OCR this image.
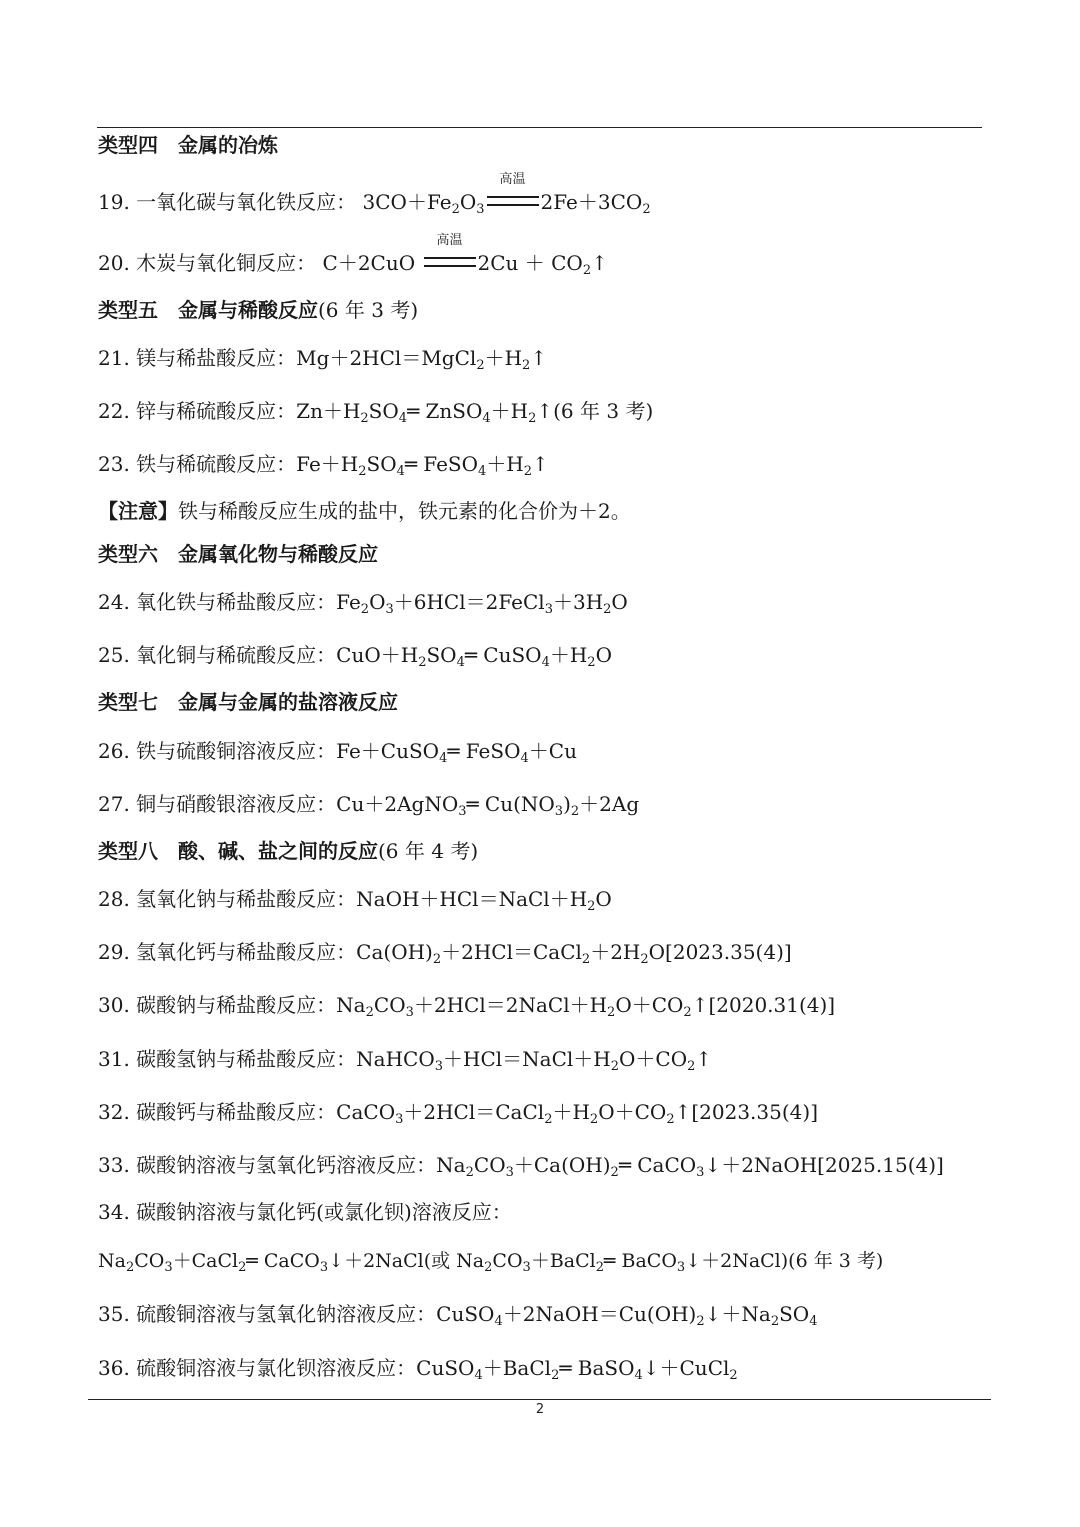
类型四　金属的冶炼
19. 一氧化碳与氧化铁反应： $3CO+Fe_2O_3$
高温
$2Fe+3CO_2$
20. 木炭与氧化铜反应： C＋2CuO
高温
$2Cu + CO_2↑$
类型五　金属与稀酸反应(6 年 3 考)
21. 镁与稀盐酸反应：$Mg+2HCl=MgCl_2+H_2↑$
22. 锌与稀硫酸反应：$Zn+H_2SO_4═$ $ZnSO_4+H_2↑(6$ 年 3 考)
23. 铁与稀硫酸反应：$Fe+H_2SO_4═$ $FeSO_4+H_2↑$
【注意】铁与稀酸反应生成的盐中，铁元素的化合价为＋2。
类型六　金属氧化物与稀酸反应
24. 氧化铁与稀盐酸反应：$Fe_2O_3+6HCl=2FeCl_3+3H_2O$
25. 氧化铜与稀硫酸反应：$CuO+H_2SO_4═$ $CuSO_4+H_2O$
类型七　金属与金属的盐溶液反应
26. 铁与硫酸铜溶液反应：Fe＋CuSO$_4$═ FeSO$_4$＋Cu
27. 铜与硝酸银溶液反应：Cu＋2AgNO$_3$═ $Cu(NO_3)_2+2Ag$
类型八　酸、碱、盐之间的反应(6 年 4 考)
28. 氢氧化钠与稀盐酸反应：$NaOH+HCl=NaCl+H_2O$
29. 氢氧化钙与稀盐酸反应：$Ca(OH)_2+2HCl=CaCl_2+2H_2O[2023.35(4)]$
30. 碳酸钠与稀盐酸反应：$Na_2CO_3+2HCl=2NaCl+H_2O+CO_2↑[2020.31(4)]$
31. 碳酸氢钠与稀盐酸反应：$NaHCO_3+HCl=NaCl+H_2O+CO_2↑$
32. 碳酸钙与稀盐酸反应：$CaCO_3+2HCl=CaCl_2+H_2O+CO_2↑[2023.35(4)]$
33. 碳酸钠溶液与氢氧化钙溶液反应：$Na_2CO_3+Ca(OH)_2═$ CaCO$_3$↓＋2NaOH[2025.15(4)]
34. 碳酸钠溶液与氯化钙(或氯化钡)溶液反应：
$Na_2CO_3+CaCl_2═$ CaCO$_3$↓＋2NaCl(或 $Na_2CO_3+BaCl_2═$ BaCO$_3$↓＋2NaCl)(6 年 3 考)
35. 硫酸铜溶液与氢氧化钠溶液反应：$CuSO_4+2NaOH=Cu(OH)_2↓+Na_2SO_4$
36. 硫酸铜溶液与氯化钡溶液反应：CuSO$_4$＋BaCl$_2$═ BaSO$_4$↓＋CuCl$_2$
2
